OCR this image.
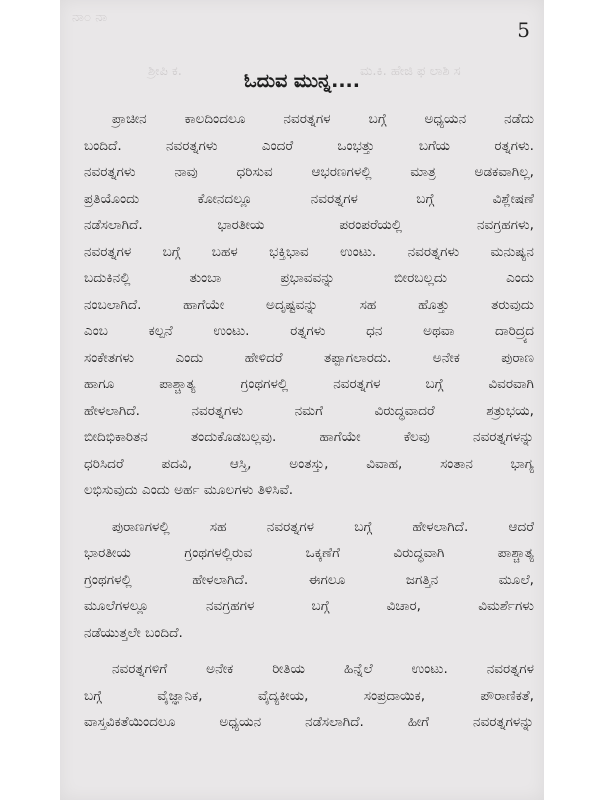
ನಾ೦ ನಾ
ಶ್ರೀಪಿ ಕ.	ಮ.ಕಿ. ಹೇಜಿ ಫ ಲಾಶಿ ಸ
5
ಓದುವ ಮುನ್ನ....

ಪ್ರಾಚೀನ ಕಾಲದಿಂದಲೂ ನವರತ್ನಗಳ ಬಗ್ಗೆ ಅಧ್ಯಯನ ನಡೆದು

ಬಂದಿದೆ. ನವರತ್ನಗಳು ಎಂದರೆ ಒಂಭತ್ತು ಬಗೆಯ ರತ್ನಗಳು.

ನವರತ್ನಗಳು ನಾವು ಧರಿಸುವ ಆಭರಣಗಳಲ್ಲಿ ಮಾತ್ರ ಅಡಕವಾಗಿಲ್ಲ,

ಪ್ರತಿಯೊಂದು ಕೋನದಲ್ಲೂ ನವರತ್ನಗಳ ಬಗ್ಗೆ ವಿಶ್ಲೇಷಣೆ

ನಡೆಸಲಾಗಿದೆ. ಭಾರತೀಯ ಪರಂಪರೆಯಲ್ಲಿ ನವಗ್ರಹಗಳು,

ನವರತ್ನಗಳ ಬಗ್ಗೆ ಬಹಳ ಭಕ್ತಿಭಾವ ಉಂಟು. ನವರತ್ನಗಳು ಮನುಷ್ಯನ

ಬದುಕಿನಲ್ಲಿ ತುಂಬಾ ಪ್ರಭಾವವನ್ನು ಬೀರಬಲ್ಲದು ಎಂದು

ನಂಬಲಾಗಿದೆ. ಹಾಗೆಯೇ ಅದೃಷ್ಟವನ್ನು ಸಹ ಹೊತ್ತು ತರುವುದು

ಎಂಬ ಕಲ್ಪನೆ ಉಂಟು. ರತ್ನಗಳು ಧನ ಅಥವಾ ದಾರಿದ್ರ್ಯದ

ಸಂಕೇತಗಳು ಎಂದು ಹೇಳಿದರೆ ತಪ್ಪಾಗಲಾರದು. ಅನೇಕ ಪುರಾಣ

ಹಾಗೂ ಪಾಶ್ಚಾತ್ಯ ಗ್ರಂಥಗಳಲ್ಲಿ ನವರತ್ನಗಳ ಬಗ್ಗೆ ವಿವರವಾಗಿ

ಹೇಳಲಾಗಿದೆ. ನವರತ್ನಗಳು ನಮಗೆ ವಿರುದ್ಧವಾದರೆ ಶತ್ರುಭಯ,

ಬೀದಿಭಿಕಾರಿತನ ತಂದುಕೊಡಬಲ್ಲವು. ಹಾಗೆಯೇ ಕೆಲವು ನವರತ್ನಗಳನ್ನು

ಧರಿಸಿದರೆ ಪದವಿ, ಆಸ್ತಿ, ಅಂತಸ್ತು, ವಿವಾಹ, ಸಂತಾನ ಭಾಗ್ಯ

ಲಭಿಸುವುದು ಎಂದು ಅರ್ಹ ಮೂಲಗಳು ತಿಳಿಸಿವೆ.

ಪುರಾಣಗಳಲ್ಲಿ ಸಹ ನವರತ್ನಗಳ ಬಗ್ಗೆ ಹೇಳಲಾಗಿದೆ. ಆದರೆ

ಭಾರತೀಯ ಗ್ರಂಥಗಳಲ್ಲಿರುವ ಒಕ್ಕಣೆಗೆ ವಿರುದ್ಧವಾಗಿ ಪಾಶ್ಚಾತ್ಯ

ಗ್ರಂಥಗಳಲ್ಲಿ ಹೇಳಲಾಗಿದೆ. ಈಗಲೂ ಜಗತ್ತಿನ ಮೂಲೆ,

ಮೂಲೆಗಳಲ್ಲೂ ನವಗ್ರಹಗಳ ಬಗ್ಗೆ ವಿಚಾರ, ವಿಮರ್ಶೆಗಳು

ನಡೆಯುತ್ತಲೇ ಬಂದಿದೆ.

ನವರತ್ನಗಳಿಗೆ ಅನೇಕ ರೀತಿಯ ಹಿನ್ನೆಲೆ ಉಂಟು. ನವರತ್ನಗಳ

ಬಗ್ಗೆ ವೈಜ್ಞಾನಿಕ, ವೈದ್ಯಕೀಯ, ಸಂಪ್ರದಾಯಿಕ, ಪೌರಾಣಿಕತೆ,

ವಾಸ್ತವಿಕತೆಯಿಂದಲೂ ಅಧ್ಯಯನ ನಡೆಸಲಾಗಿದೆ. ಹೀಗೆ ನವರತ್ನಗಳನ್ನು
